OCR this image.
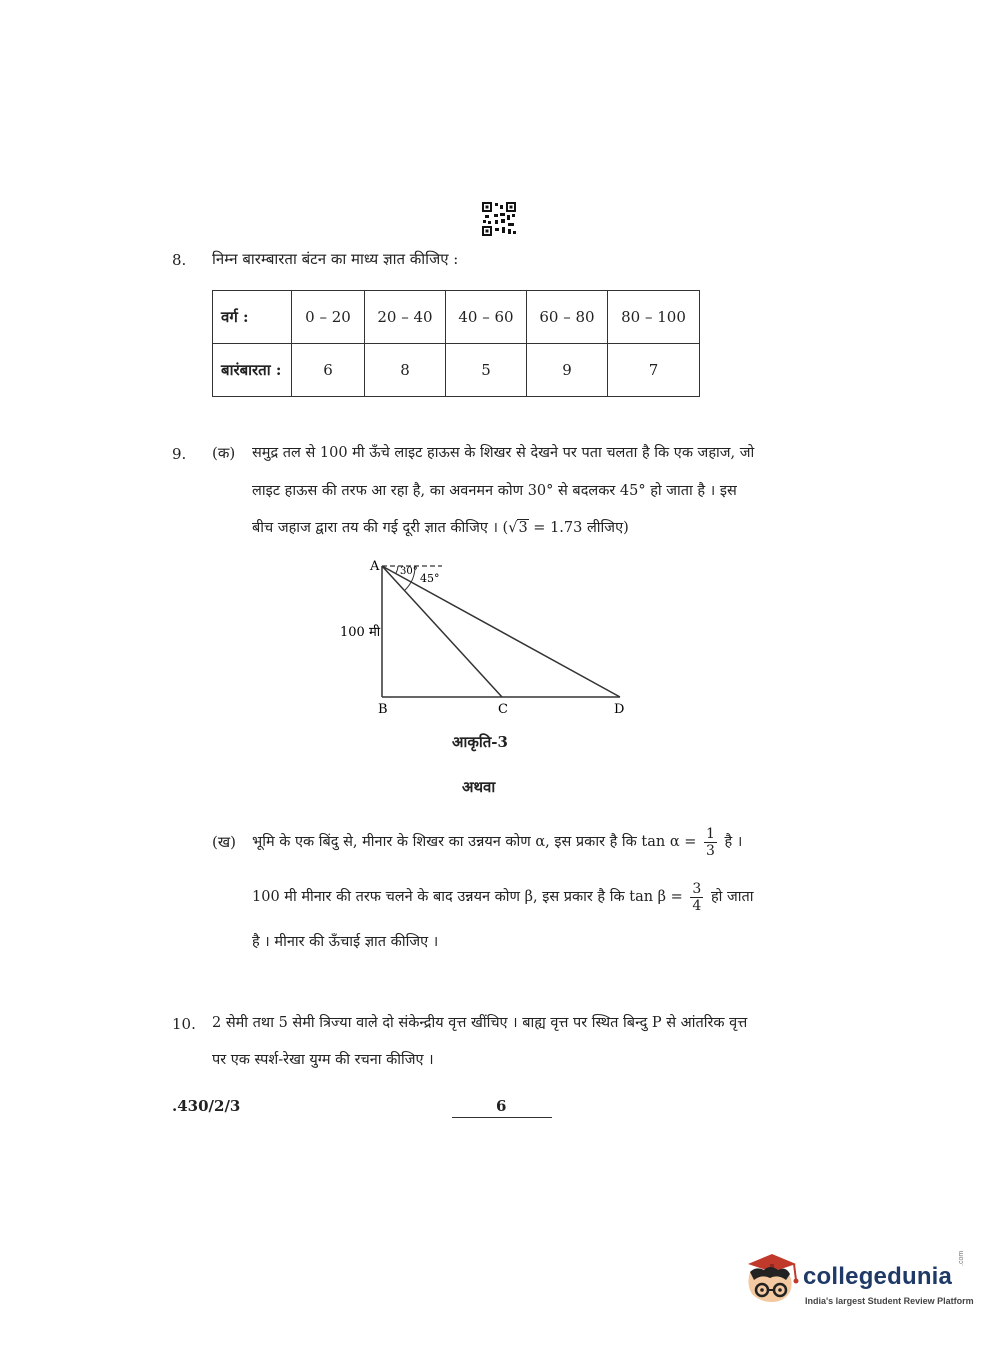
8. निम्न बारम्बारता बंटन का माध्य ज्ञात कीजिए :
वर्ग :	0 – 20	20 – 40	40 – 60	60 – 80	80 – 100
बारंबारता :	6	8	5	9	7
9. (क) समुद्र तल से 100 मी ऊँचे लाइट हाऊस के शिखर से देखने पर पता चलता है कि एक जहाज, जो
लाइट हाऊस की तरफ आ रहा है, का अवनमन कोण 30° से बदलकर 45° हो जाता है । इस
बीच जहाज द्वारा तय की गई दूरी ज्ञात कीजिए । (√3 = 1.73 लीजिए)
A 30°
45°
100 मी
B	C	D
आकृति-3
अथवा
(ख) भूमि के एक बिंदु से, मीनार के शिखर का उन्नयन कोण α, इस प्रकार है कि $\tan \alpha = \frac{1}{3}$ है ।
100 मी मीनार की तरफ चलने के बाद उन्नयन कोण β, इस प्रकार है कि $\tan \beta = \frac{3}{4}$ हो जाता
है । मीनार की ऊँचाई ज्ञात कीजिए ।
10. 2 सेमी तथा 5 सेमी त्रिज्या वाले दो संकेन्द्रीय वृत्त खींचिए । बाह्य वृत्त पर स्थित बिन्दु P से आंतरिक वृत्त
पर एक स्पर्श-रेखा युग्म की रचना कीजिए ।
.430/2/3	6
collegedunia
.com
India's largest Student Review Platform
